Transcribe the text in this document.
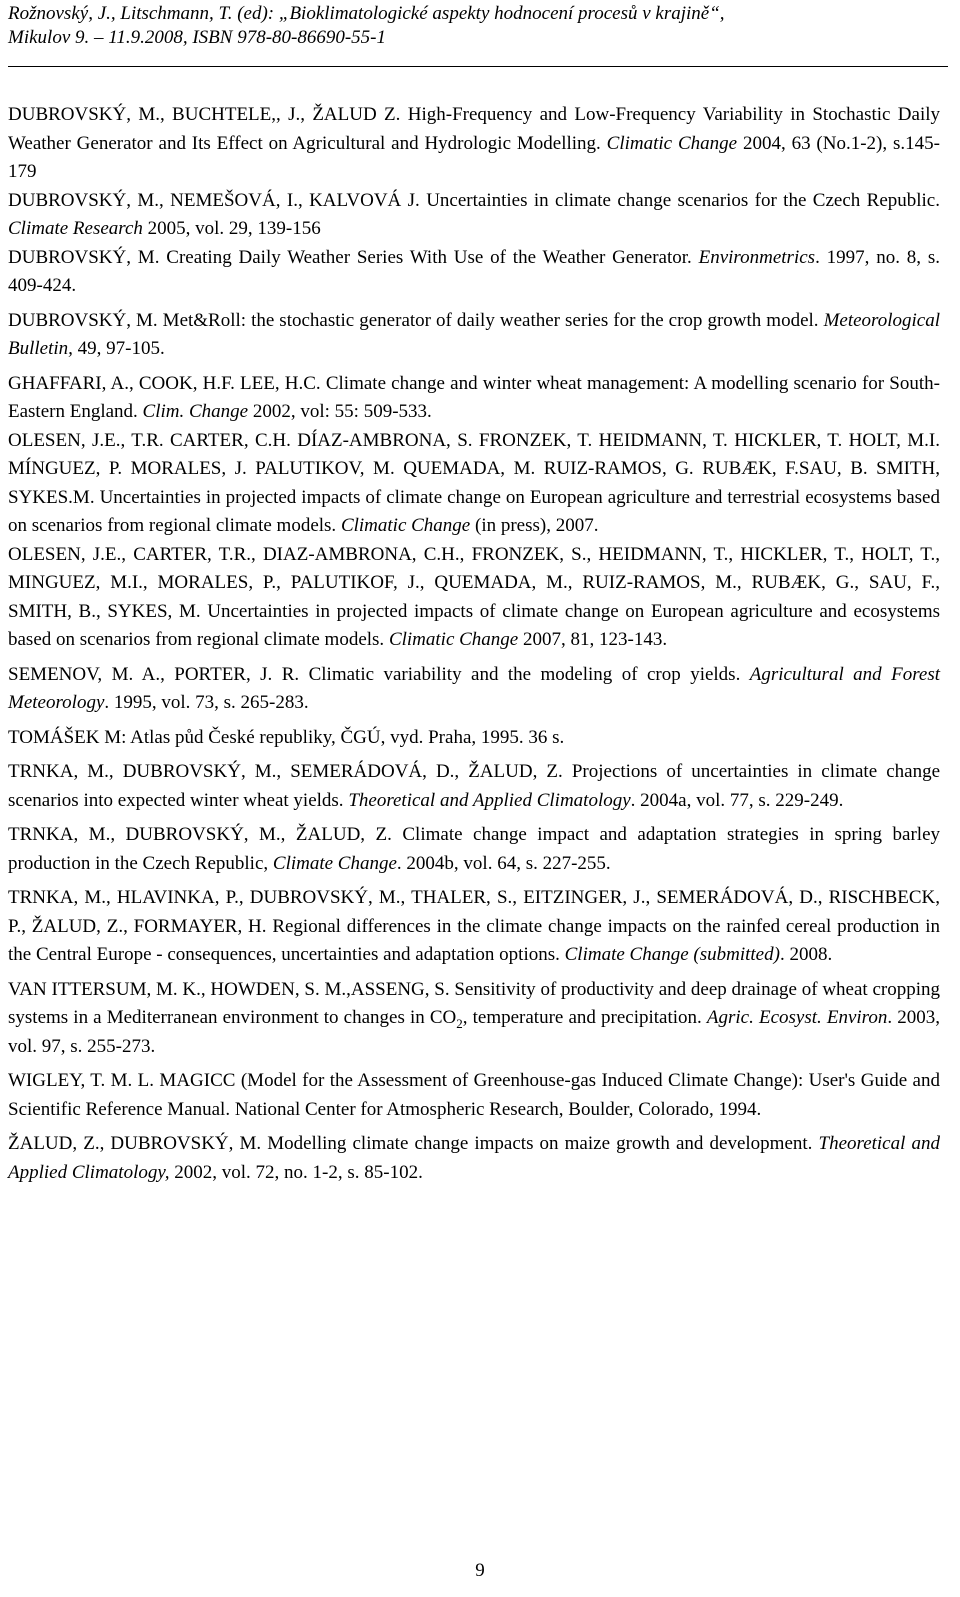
Rožnovský, J., Litschmann, T. (ed): „Bioklimatologické aspekty hodnocení procesů v krajině“,
Mikulov 9. – 11.9.2008, ISBN 978-80-86690-55-1

DUBROVSKÝ, M., BUCHTELE,, J., ŽALUD Z. High-Frequency and Low-Frequency Variability in Stochastic Daily Weather Generator and Its Effect on Agricultural and Hydrologic Modelling. Climatic Change 2004, 63 (No.1-2), s.145-179

DUBROVSKÝ, M., NEMEŠOVÁ, I., KALVOVÁ J. Uncertainties in climate change scenarios for the Czech Republic. Climate Research 2005, vol. 29, 139-156

DUBROVSKÝ, M. Creating Daily Weather Series With Use of the Weather Generator. Environmetrics. 1997, no. 8, s. 409-424.

DUBROVSKÝ, M. Met&Roll: the stochastic generator of daily weather series for the crop growth model. Meteorological Bulletin, 49, 97-105.

GHAFFARI, A., COOK, H.F. LEE, H.C. Climate change and winter wheat management: A modelling scenario for South-Eastern England. Clim. Change 2002, vol: 55: 509-533.

OLESEN, J.E., T.R. CARTER, C.H. DÍAZ-AMBRONA, S. FRONZEK, T. HEIDMANN, T. HICKLER, T. HOLT, M.I. MÍNGUEZ, P. MORALES, J. PALUTIKOV, M. QUEMADA, M. RUIZ-RAMOS, G. RUBÆK, F.SAU, B. SMITH, SYKES.M. Uncertainties in projected impacts of climate change on European agriculture and terrestrial ecosystems based on scenarios from regional climate models. Climatic Change (in press), 2007.

OLESEN, J.E., CARTER, T.R., DIAZ-AMBRONA, C.H., FRONZEK, S., HEIDMANN, T., HICKLER, T., HOLT, T., MINGUEZ, M.I., MORALES, P., PALUTIKOF, J., QUEMADA, M., RUIZ-RAMOS, M., RUBÆK, G., SAU, F., SMITH, B., SYKES, M. Uncertainties in projected impacts of climate change on European agriculture and ecosystems based on scenarios from regional climate models. Climatic Change 2007, 81, 123-143.

SEMENOV, M. A., PORTER, J. R. Climatic variability and the modeling of crop yields. Agricultural and Forest Meteorology. 1995, vol. 73, s. 265-283.

TOMÁŠEK M: Atlas půd České republiky, ČGÚ, vyd. Praha, 1995. 36 s.

TRNKA, M., DUBROVSKÝ, M., SEMERÁDOVÁ, D., ŽALUD, Z. Projections of uncertainties in climate change scenarios into expected winter wheat yields. Theoretical and Applied Climatology. 2004a, vol. 77, s. 229-249.

TRNKA, M., DUBROVSKÝ, M., ŽALUD, Z. Climate change impact and adaptation strategies in spring barley production in the Czech Republic, Climate Change. 2004b, vol. 64, s. 227-255.

TRNKA, M., HLAVINKA, P., DUBROVSKÝ, M., THALER, S., EITZINGER, J., SEMERÁDOVÁ, D., RISCHBECK, P., ŽALUD, Z., FORMAYER, H. Regional differences in the climate change impacts on the rainfed cereal production in the Central Europe - consequences, uncertainties and adaptation options. Climate Change (submitted). 2008.

VAN ITTERSUM, M. K., HOWDEN, S. M.,ASSENG, S. Sensitivity of productivity and deep drainage of wheat cropping systems in a Mediterranean environment to changes in $CO_2$, temperature and precipitation. Agric. Ecosyst. Environ. 2003, vol. 97, s. 255-273.

WIGLEY, T. M. L. MAGICC (Model for the Assessment of Greenhouse-gas Induced Climate Change): User's Guide and Scientific Reference Manual. National Center for Atmospheric Research, Boulder, Colorado, 1994.

ŽALUD, Z., DUBROVSKÝ, M. Modelling climate change impacts on maize growth and development. Theoretical and Applied Climatology, 2002, vol. 72, no. 1-2, s. 85-102.

9
